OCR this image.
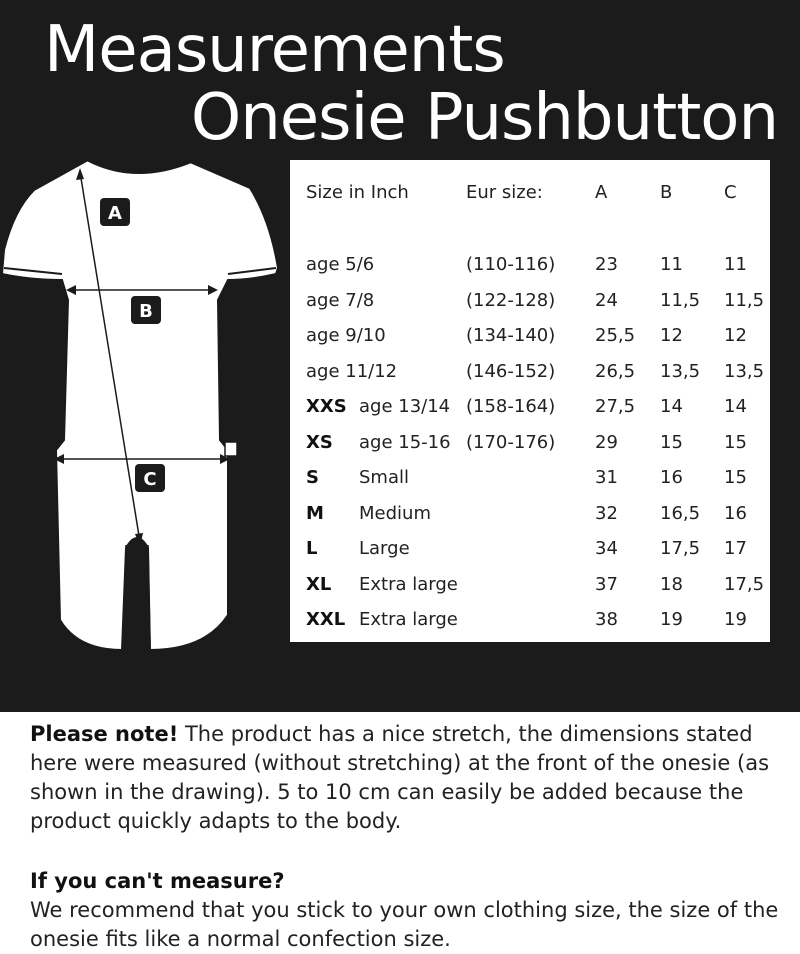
Measurements
Onesie Pushbutton
A
B
C
Size in Inch	Eur size:	A	B	C
age 5/6	(110-116) 23 11 11
age 7/8	(122-128) 24 11,5 11,5
age 9/10	(134-140) 25,5 12 12
age 11/12	(146-152) 26,5 13,5 13,5
XXS age 13/14 (158-164) 27,5 14 14
XS age 15-16 (170-176) 29 15 15
S Small	31 16 15
M Medium	32 16,5 16
L Large	34 17,5 17
XL Extra large	37 18 17,5
XXL Extra large	38 19 19
Please note! The product has a nice stretch, the dimensions stated here were measured (without stretching) at the front of the onesie (as shown in the drawing). 5 to 10 cm can easily be added because the product quickly adapts to the body.
If you can't measure?
We recommend that you stick to your own clothing size, the size of the onesie fits like a normal confection size.
